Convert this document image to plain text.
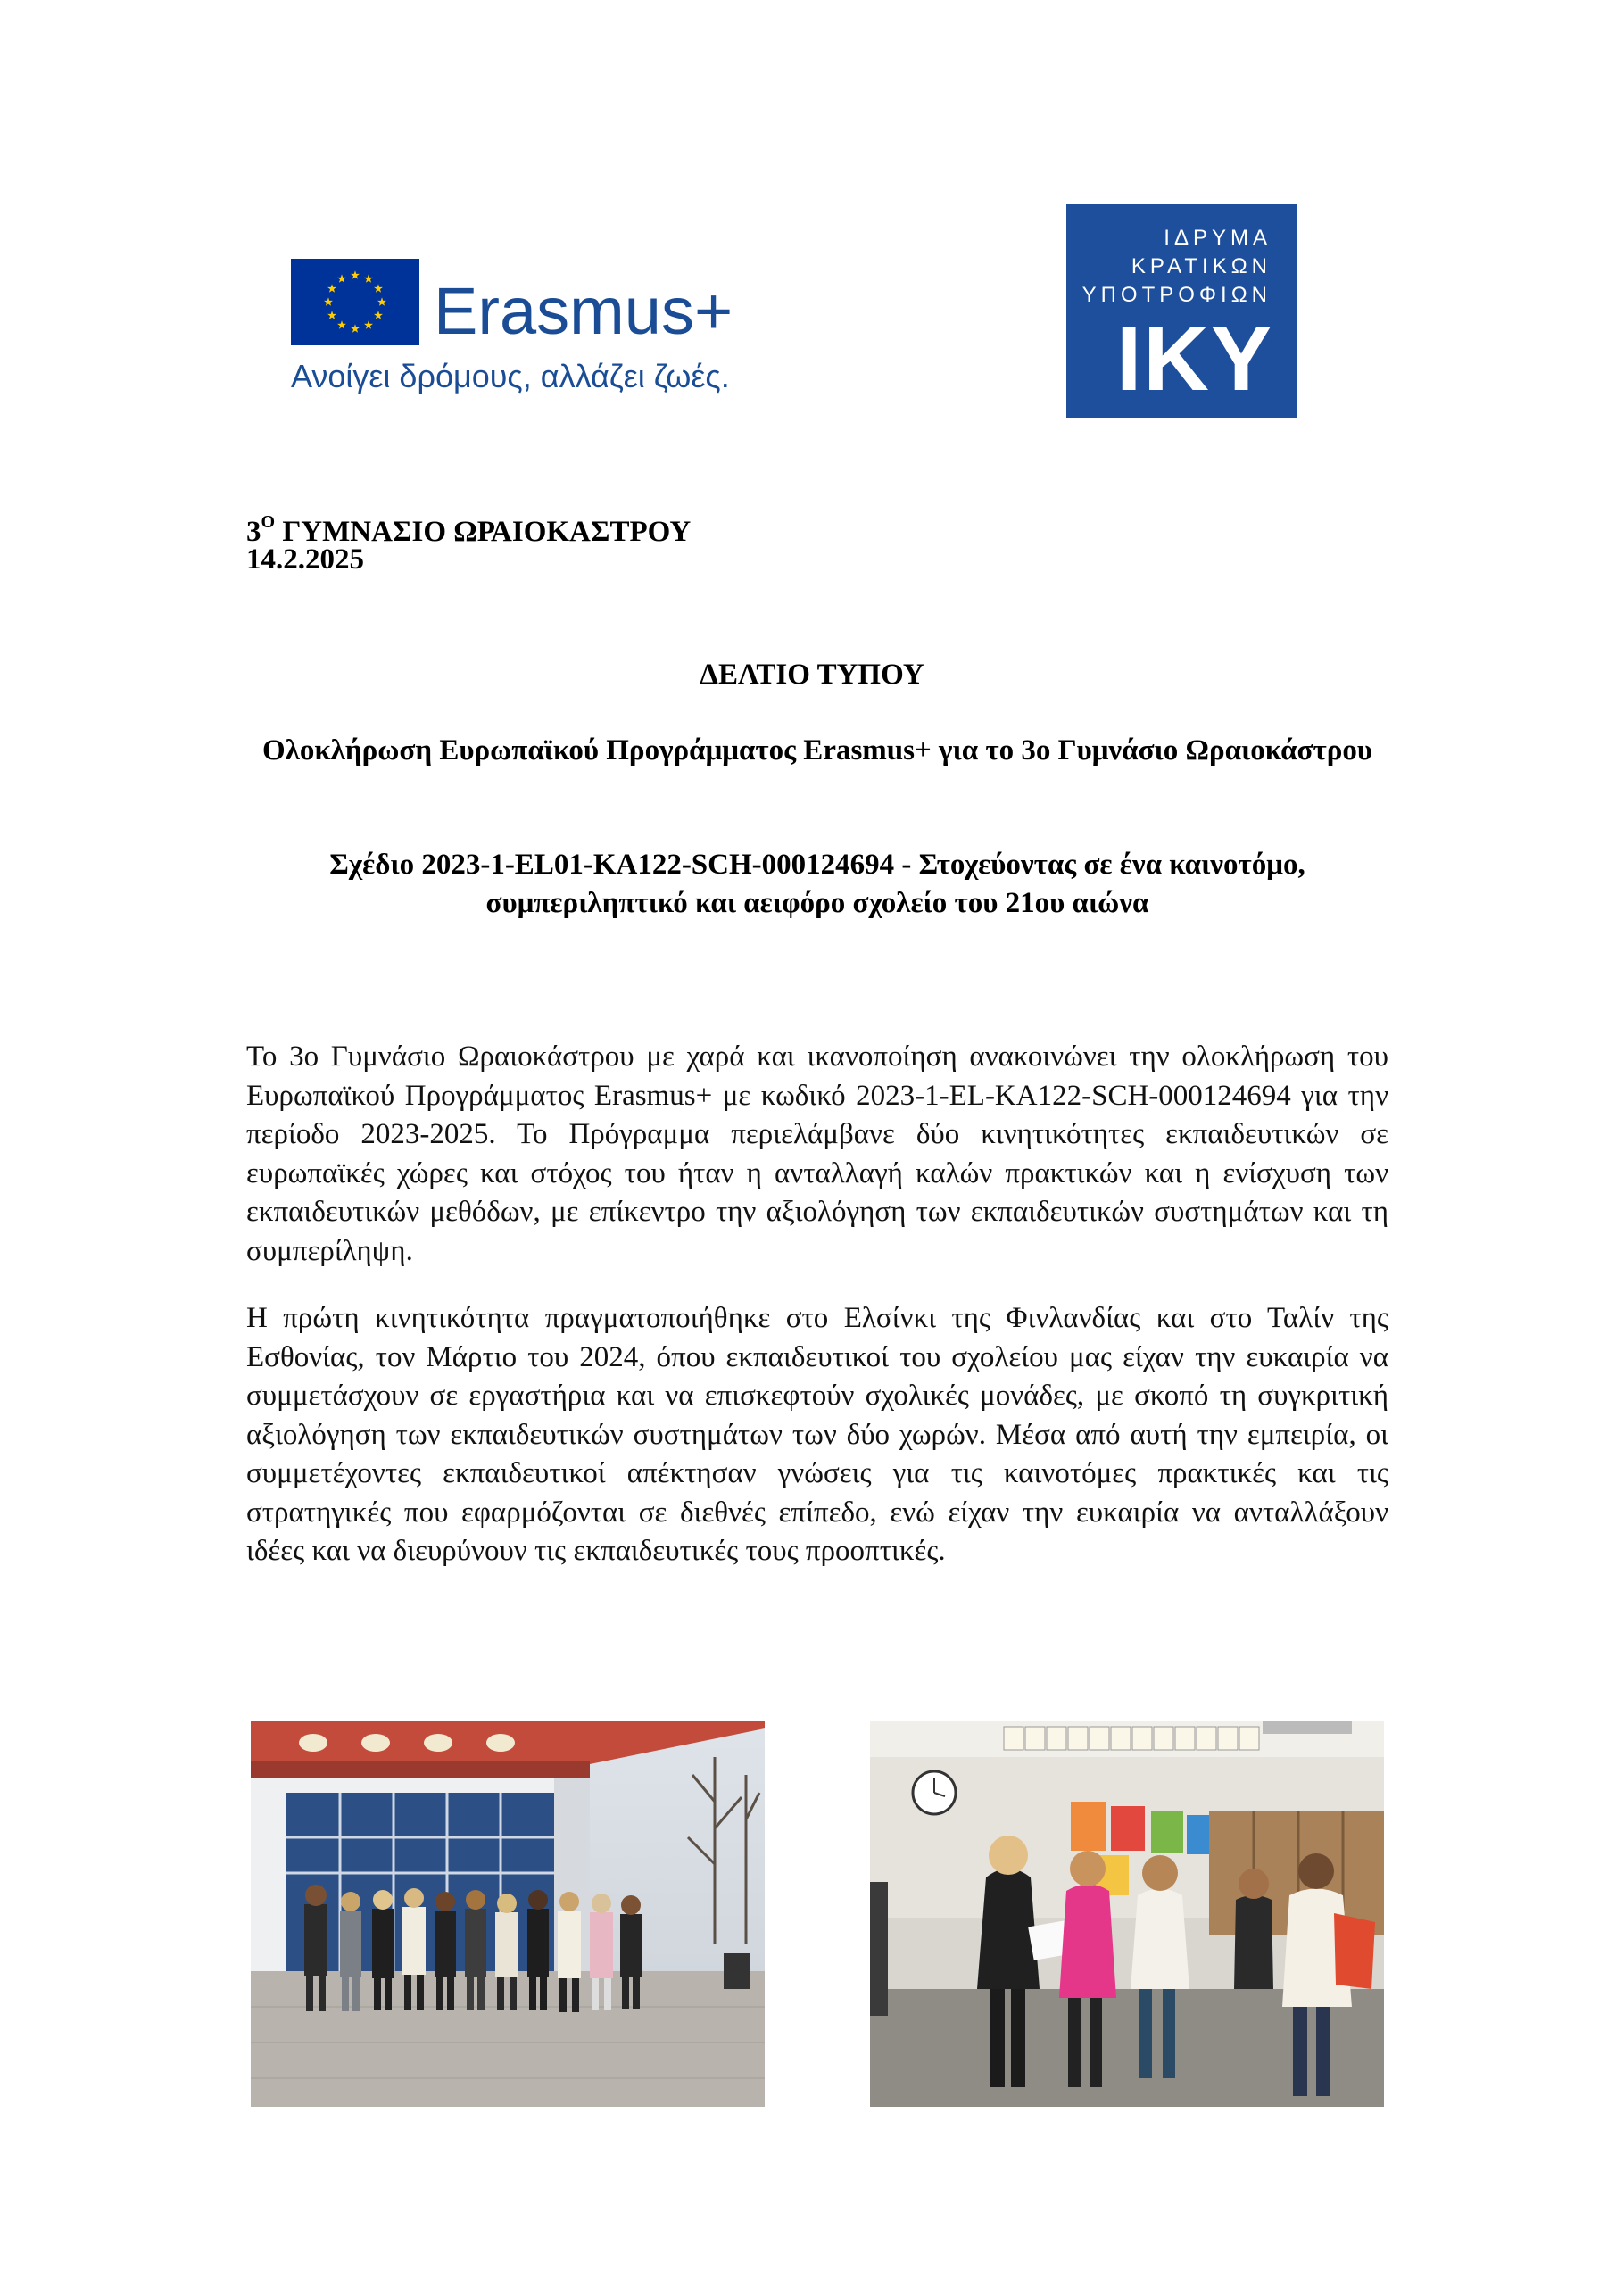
Erasmus+
Ανοίγει δρόμους, αλλάζει ζωές.
ΙΔΡΥΜΑ
ΚΡΑΤΙΚΩΝ
ΥΠΟΤΡΟΦΙΩΝ
ΙΚΥ
$3^O$ ΓΥΜΝΑΣΙΟ ΩΡΑΙΟΚΑΣΤΡΟΥ
14.2.2025
ΔΕΛΤΙΟ ΤΥΠΟΥ
Ολοκλήρωση Ευρωπαϊκού Προγράμματος Erasmus+ για το 3ο Γυμνάσιο Ωραιοκάστρου
Σχέδιο 2023-1-EL01-KA122-SCH-000124694 - Στοχεύοντας σε ένα καινοτόμο, συμπεριληπτικό και αειφόρο σχολείο του 21ου αιώνα
Το 3ο Γυμνάσιο Ωραιοκάστρου με χαρά και ικανοποίηση ανακοινώνει την ολοκλήρωση του Ευρωπαϊκού Προγράμματος Erasmus+ με κωδικό 2023-1-EL-KA122-SCH-000124694 για την περίοδο 2023-2025. Το Πρόγραμμα περιελάμβανε δύο κινητικότητες εκπαιδευτικών σε ευρωπαϊκές χώρες και στόχος του ήταν η ανταλλαγή καλών πρακτικών και η ενίσχυση των εκπαιδευτικών μεθόδων, με επίκεντρο την αξιολόγηση των εκπαιδευτικών συστημάτων και τη συμπερίληψη.
Η πρώτη κινητικότητα πραγματοποιήθηκε στο Ελσίνκι της Φινλανδίας και στο Ταλίν της Εσθονίας, τον Μάρτιο του 2024, όπου εκπαιδευτικοί του σχολείου μας είχαν την ευκαιρία να συμμετάσχουν σε εργαστήρια και να επισκεφτούν σχολικές μονάδες, με σκοπό τη συγκριτική αξιολόγηση των εκπαιδευτικών συστημάτων των δύο χωρών. Μέσα από αυτή την εμπειρία, οι συμμετέχοντες εκπαιδευτικοί απέκτησαν γνώσεις για τις καινοτόμες πρακτικές και τις στρατηγικές που εφαρμόζονται σε διεθνές επίπεδο, ενώ είχαν την ευκαιρία να ανταλλάξουν ιδέες και να διευρύνουν τις εκπαιδευτικές τους προοπτικές.
